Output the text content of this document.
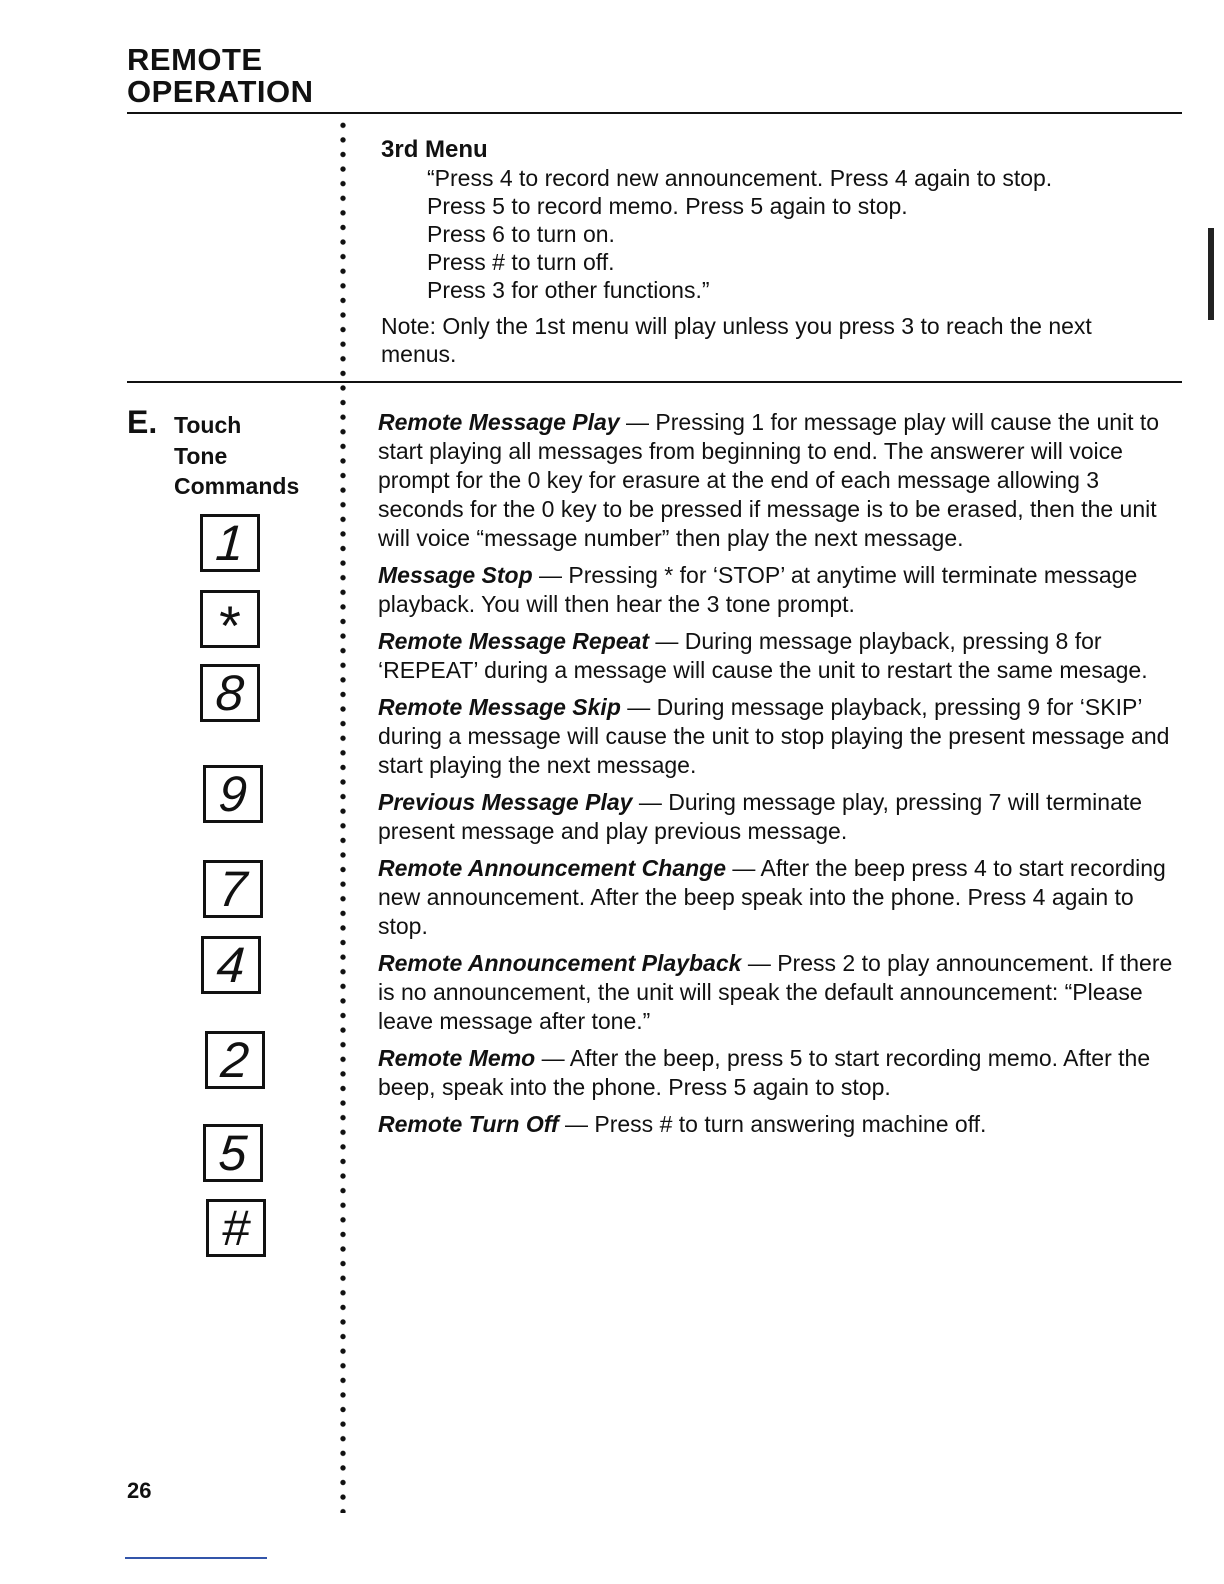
REMOTE
OPERATION
3rd Menu
“Press 4 to record new announcement. Press 4 again to stop.
Press 5 to record memo. Press 5 again to stop.
Press 6 to turn on.
Press # to turn off.
Press 3 for other functions.”
Note: Only the 1st menu will play unless you press 3 to reach the next menus.
E. Touch
Tone
Commands
1
*
8
9
7
4
2
5
#
Remote Message Play — Pressing 1 for message play will cause the unit to start playing all messages from beginning to end. The answerer will voice prompt for the 0 key for erasure at the end of each message allowing 3 seconds for the 0 key to be pressed if message is to be erased, then the unit will voice “message number” then play the next message.
Message Stop — Pressing * for ‘STOP’ at anytime will terminate message playback. You will then hear the 3 tone prompt.
Remote Message Repeat — During message playback, pressing 8 for ‘REPEAT’ during a message will cause the unit to restart the same mesage.
Remote Message Skip — During message playback, pressing 9 for ‘SKIP’ during a message will cause the unit to stop playing the present message and start playing the next message.
Previous Message Play — During message play, pressing 7 will terminate present message and play previous message.
Remote Announcement Change — After the beep press 4 to start recording new announcement. After the beep speak into the phone. Press 4 again to stop.
Remote Announcement Playback — Press 2 to play announcement. If there is no announcement, the unit will speak the default announcement: “Please leave message after tone.”
Remote Memo — After the beep, press 5 to start recording memo. After the beep, speak into the phone. Press 5 again to stop.
Remote Turn Off — Press # to turn answering machine off.
26
